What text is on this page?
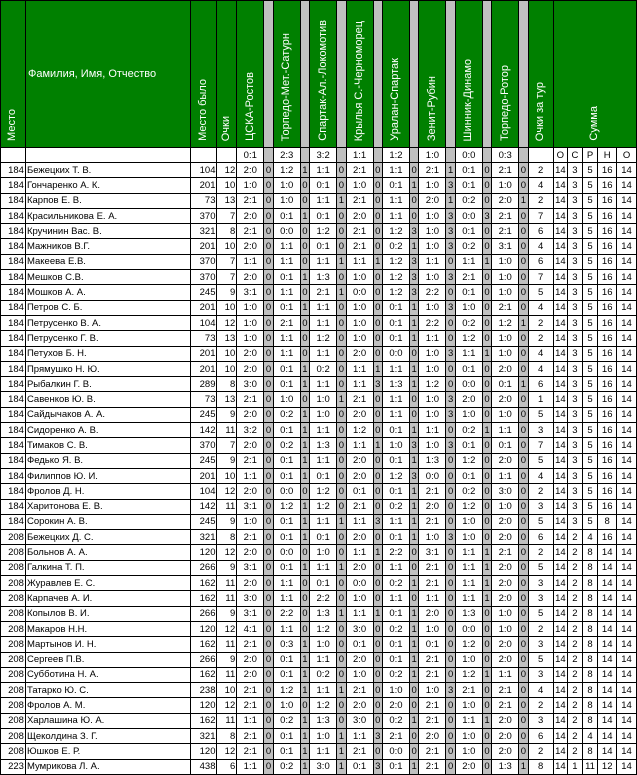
Место	Фамилия, Имя, Отчество	Место было	Очки	ЦСКА-Ростов		Торпедо-Мет.-Сатурн		Спартак-Ал.-Локомотив		Крылья С.-Черноморец		Уралан-Спартак		Зенит-Рубин		Шинник-Динамо		Торпедо-Ротор		Очки за тур	Сумма				
				0:1		2:3		3:2		1:1		1:2		1:0		0:0		0:3			О	С	Р	Н	О
184	Бежецких Т. В.	104	12	2:0	0	1:2	1	1:1	0	2:1	0	1:1	0	2:1	1	0:1	0	2:1	0	2	14	3	5	16	14
184	Гончаренко А. К.	201	10	1:0	0	1:0	0	0:1	0	1:0	0	0:1	1	1:0	3	0:1	0	1:0	0	4	14	3	5	16	14
184	Карпов Е. В.	73	13	2:1	0	1:0	0	1:1	1	2:1	0	1:1	0	2:0	1	0:2	0	2:0	1	2	14	3	5	16	14
184	Красильникова Е. А.	370	7	2:0	0	0:1	1	0:1	0	2:0	0	1:1	0	1:0	3	0:0	3	2:1	0	7	14	3	5	16	14
184	Кручинин Вас. В.	321	8	2:1	0	0:0	0	1:2	0	2:1	0	1:2	3	1:0	3	0:1	0	2:1	0	6	14	3	5	16	14
184	Мажников В.Г.	201	10	2:0	0	1:1	0	0:1	0	2:1	0	0:2	1	1:0	3	0:2	0	3:1	0	4	14	3	5	16	14
184	Макеева Е.В.	370	7	1:1	0	1:1	0	1:1	1	1:1	1	1:2	3	1:1	0	1:1	1	1:0	0	6	14	3	5	16	14
184	Мешков С.В.	370	7	2:0	0	0:1	1	1:3	0	1:0	0	1:2	3	1:0	3	2:1	0	1:0	0	7	14	3	5	16	14
184	Мошков А. А.	245	9	3:1	0	1:1	0	2:1	1	0:0	0	1:2	3	2:2	0	0:1	0	1:0	0	5	14	3	5	16	14
184	Петров С. Б.	201	10	1:0	0	0:1	1	1:1	0	1:0	0	0:1	1	1:0	3	1:0	0	2:1	0	4	14	3	5	16	14
184	Петрусенко В. А.	104	12	1:0	0	2:1	0	1:1	0	1:0	0	0:1	1	2:2	0	0:2	0	1:2	1	2	14	3	5	16	14
184	Петрусенко Г. В.	73	13	1:0	0	1:1	0	1:2	0	1:0	0	0:1	1	1:1	0	1:2	0	1:0	0	2	14	3	5	16	14
184	Петухов Б. Н.	201	10	2:0	0	1:1	0	1:1	0	2:0	0	0:0	0	1:0	3	1:1	1	1:0	0	4	14	3	5	16	14
184	Прямушко Н. Ю.	201	10	2:0	0	0:1	1	0:2	0	1:1	1	1:1	1	1:0	0	0:1	0	2:0	0	4	14	3	5	16	14
184	Рыбалкин Г. В.	289	8	3:0	0	0:1	1	1:1	0	1:1	3	1:3	1	1:2	0	0:0	0	0:1	1	6	14	3	5	16	14
184	Савенков Ю. В.	73	13	2:1	0	1:0	0	1:0	1	2:1	0	1:1	0	1:0	3	2:0	0	2:0	0	1	14	3	5	16	14
184	Сайдычаков А. А.	245	9	2:0	0	0:2	1	1:0	0	2:0	0	1:1	0	1:0	3	1:0	0	1:0	0	5	14	3	5	16	14
184	Сидоренко А. В.	142	11	3:2	0	0:1	1	1:1	0	1:2	0	0:1	1	1:1	0	0:2	1	1:1	0	3	14	3	5	16	14
184	Тимаков С. В.	370	7	2:0	0	0:2	1	1:3	0	1:1	1	1:0	3	1:0	3	0:1	0	0:1	0	7	14	3	5	16	14
184	Федько Я. В.	245	9	2:1	0	0:1	1	1:1	0	2:0	0	0:1	1	1:3	0	1:2	0	2:0	0	5	14	3	5	16	14
184	Филиппов Ю. И.	201	10	1:1	0	0:1	1	0:1	0	2:0	0	1:2	3	0:0	0	0:1	0	1:1	0	4	14	3	5	16	14
184	Фролов Д. Н.	104	12	2:0	0	0:0	0	1:2	0	0:1	0	0:1	1	2:1	0	0:2	0	3:0	0	2	14	3	5	16	14
184	Харитонова Е. В.	142	11	3:1	0	1:2	1	1:2	0	2:1	0	0:2	1	2:0	0	1:2	0	1:0	0	3	14	3	5	16	14
184	Сорокин А. В.	245	9	1:0	0	0:1	1	1:1	1	1:1	3	1:1	1	2:1	0	1:0	0	2:0	0	5	14	3	5	8	14
208	Бежецких Д. С.	321	8	2:1	0	0:1	1	0:1	0	2:0	0	0:1	1	1:0	3	1:0	0	2:0	0	6	14	2	4	16	14
208	Больнов А. А.	120	12	2:0	0	0:0	0	1:0	0	1:1	1	2:2	0	3:1	0	1:1	1	2:1	0	2	14	2	8	14	14
208	Галкина Т. П.	266	9	3:1	0	0:1	1	1:1	1	2:0	0	1:1	0	2:1	0	1:1	1	2:0	0	5	14	2	8	14	14
208	Журавлев Е. С.	162	11	2:0	0	1:1	0	0:1	0	0:0	0	0:2	1	2:1	0	1:1	1	2:0	0	3	14	2	8	14	14
208	Карпачев А. И.	162	11	3:0	0	1:1	0	2:2	0	1:0	0	1:1	0	1:1	0	1:1	1	2:0	0	3	14	2	8	14	14
208	Копылов В. И.	266	9	3:1	0	2:2	0	1:3	1	1:1	1	0:1	1	2:0	0	1:3	0	1:0	0	5	14	2	8	14	14
208	Макаров Н.Н.	120	12	4:1	0	1:1	0	1:2	0	3:0	0	0:2	1	1:0	0	0:0	0	1:0	0	2	14	2	8	14	14
208	Мартынов И. Н.	162	11	2:1	0	0:3	1	1:0	0	0:1	0	0:1	1	0:1	0	1:2	0	2:0	0	3	14	2	8	14	14
208	Сергеев П.В.	266	9	2:0	0	0:1	1	1:1	0	2:0	0	0:1	1	2:1	0	1:0	0	2:0	0	5	14	2	8	14	14
208	Субботина Н. А.	162	11	2:0	0	0:1	1	0:2	0	1:0	0	0:2	1	2:1	0	1:2	1	1:1	0	3	14	2	8	14	14
208	Татарко Ю. С.	238	10	2:1	0	1:2	1	1:1	1	2:1	0	1:0	0	1:0	3	2:1	0	2:1	0	4	14	2	8	14	14
208	Фролов А. М.	120	12	2:1	0	1:0	0	1:2	0	2:0	0	2:0	0	2:1	0	1:0	0	2:1	0	2	14	2	8	14	14
208	Харлашина Ю. А.	162	11	1:1	0	0:2	1	1:3	0	3:0	0	0:2	1	2:1	0	1:1	1	2:0	0	3	14	2	8	14	14
208	Щеколдина З. Г.	321	8	2:1	0	0:1	1	1:0	1	1:1	3	2:1	0	2:0	0	1:0	0	2:0	0	6	14	2	4	14	14
208	Юшков Е. Р.	120	12	2:1	0	0:1	1	1:1	1	2:1	0	0:0	0	2:1	0	1:0	0	2:0	0	2	14	2	8	14	14
223	Мумрикова Л. А.	438	6	1:1	0	0:2	1	3:0	1	0:1	3	0:1	1	2:1	0	2:0	0	1:3	1	8	14	1	11	12	14
